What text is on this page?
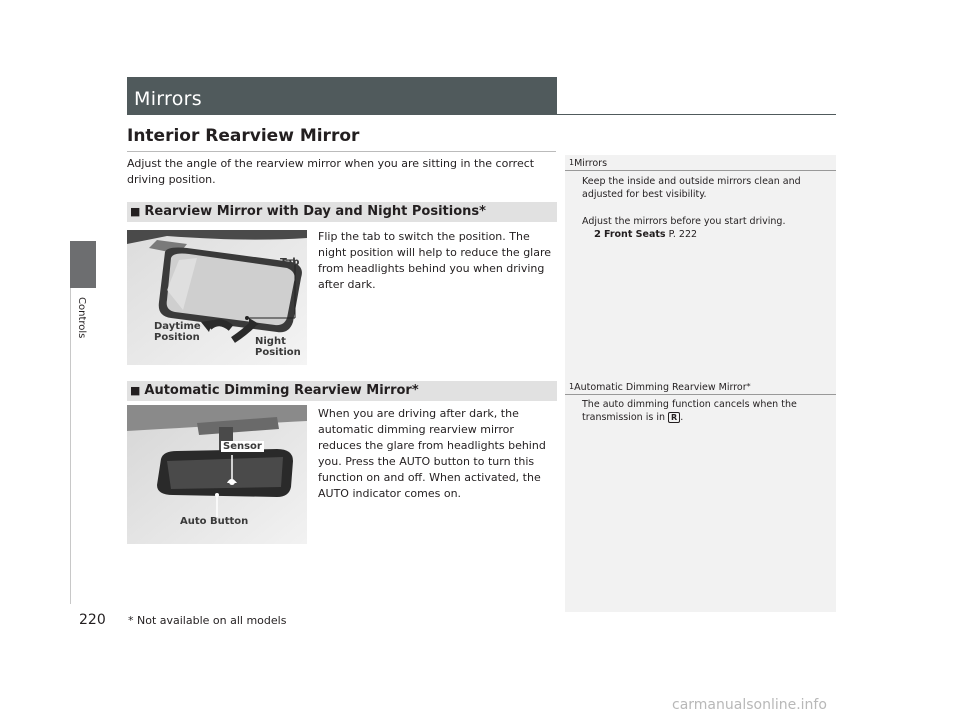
Controls
220
Mirrors
Interior Rearview Mirror
Adjust the angle of the rearview mirror when you are sitting in the correct driving position.
■ Rearview Mirror with Day and Night Positions*
Tab
Daytime Position	Night Position
Flip the tab to switch the position. The night position will help to reduce the glare from headlights behind you when driving after dark.
■ Automatic Dimming Rearview Mirror*
Sensor
Auto Button
When you are driving after dark, the automatic dimming rearview mirror reduces the glare from headlights behind you. Press the AUTO button to turn this function on and off. When activated, the AUTO indicator comes on.
$^1$Mirrors
Keep the inside and outside mirrors clean and adjusted for best visibility.
Adjust the mirrors before you start driving.
2 Front Seats P. 222
$^1$Automatic Dimming Rearview Mirror*
The auto dimming function cancels when the transmission is in R .
* Not available on all models
carmanualsonline.info
